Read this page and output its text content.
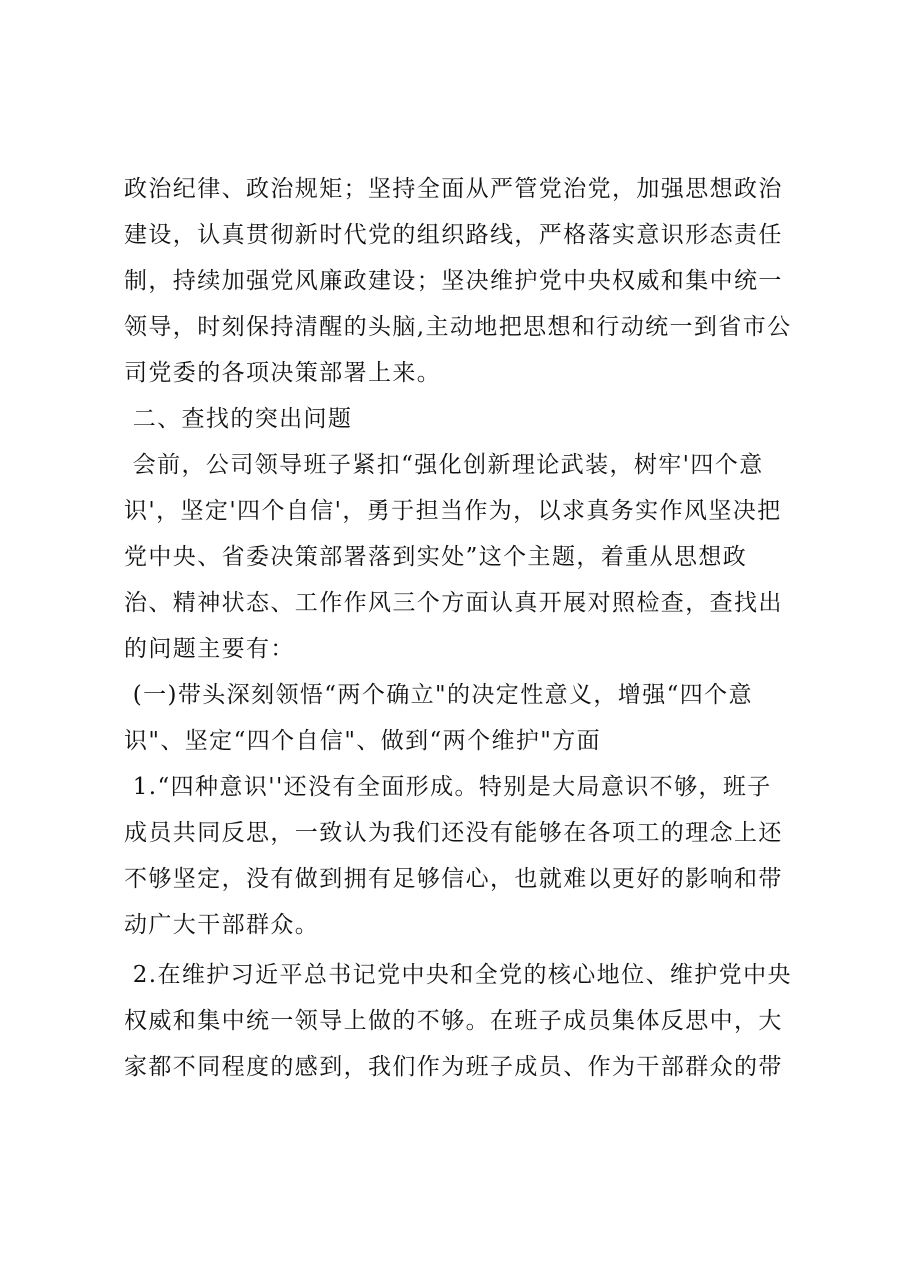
政治纪律、政治规矩；坚持全面从严管党治党，加强思想政治

建设，认真贯彻新时代党的组织路线，严格落实意识形态责任

制，持续加强党风廉政建设；坚决维护党中央权威和集中统一

领导，时刻保持清醒的头脑,主动地把思想和行动统一到省市公

司党委的各项决策部署上来。

二、查找的突出问题

会前，公司领导班子紧扣“强化创新理论武装，树牢'四个意

识'，坚定'四个自信'，勇于担当作为，以求真务实作风坚决把

党中央、省委决策部署落到实处”这个主题，着重从思想政

治、精神状态、工作作风三个方面认真开展对照检查，查找出

的问题主要有：

(一)带头深刻领悟“两个确立"的决定性意义，增强“四个意

识"、坚定“四个自信"、做到“两个维护"方面

1.“四种意识''还没有全面形成。特别是大局意识不够，班子

成员共同反思，一致认为我们还没有能够在各项工的理念上还

不够坚定，没有做到拥有足够信心，也就难以更好的影响和带

动广大干部群众。

2.在维护习近平总书记党中央和全党的核心地位、维护党中央

权威和集中统一领导上做的不够。在班子成员集体反思中，大

家都不同程度的感到，我们作为班子成员、作为干部群众的带
